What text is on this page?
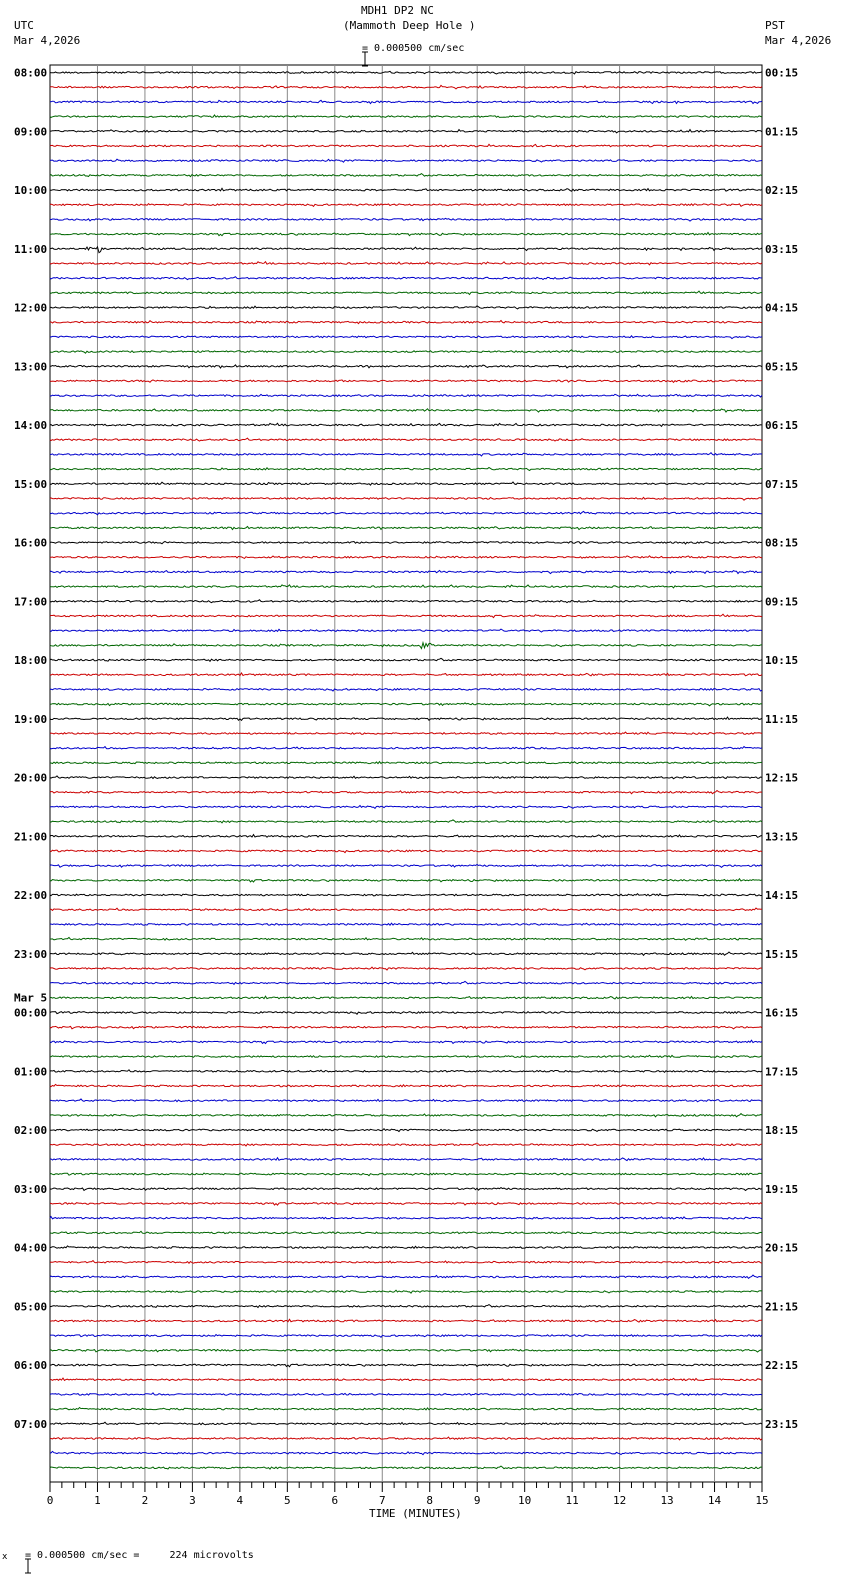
MDH1 DP2 NC
(Mammoth Deep Hole )
UTC
Mar 4,2026
PST
Mar 4,2026

= 0.000500 cm/sec
0	1	2	3	4	5	6	7	8	9	10	11	12	13	14	15
08:00	00:15
09:00	01:15
10:00	02:15
11:00	03:15
12:00	04:15
13:00	05:15
14:00	06:15
15:00	07:15
16:00	08:15
17:00	09:15
18:00	10:15
19:00	11:15
20:00	12:15
21:00	13:15
22:00	14:15
23:00	15:15
00:00	16:15
Mar 5
01:00	17:15
02:00	18:15
03:00	19:15
04:00	20:15
05:00	21:15
06:00	22:15
07:00	23:15
TIME (MINUTES)
x

= 0.000500 cm/sec =     224 microvolts
